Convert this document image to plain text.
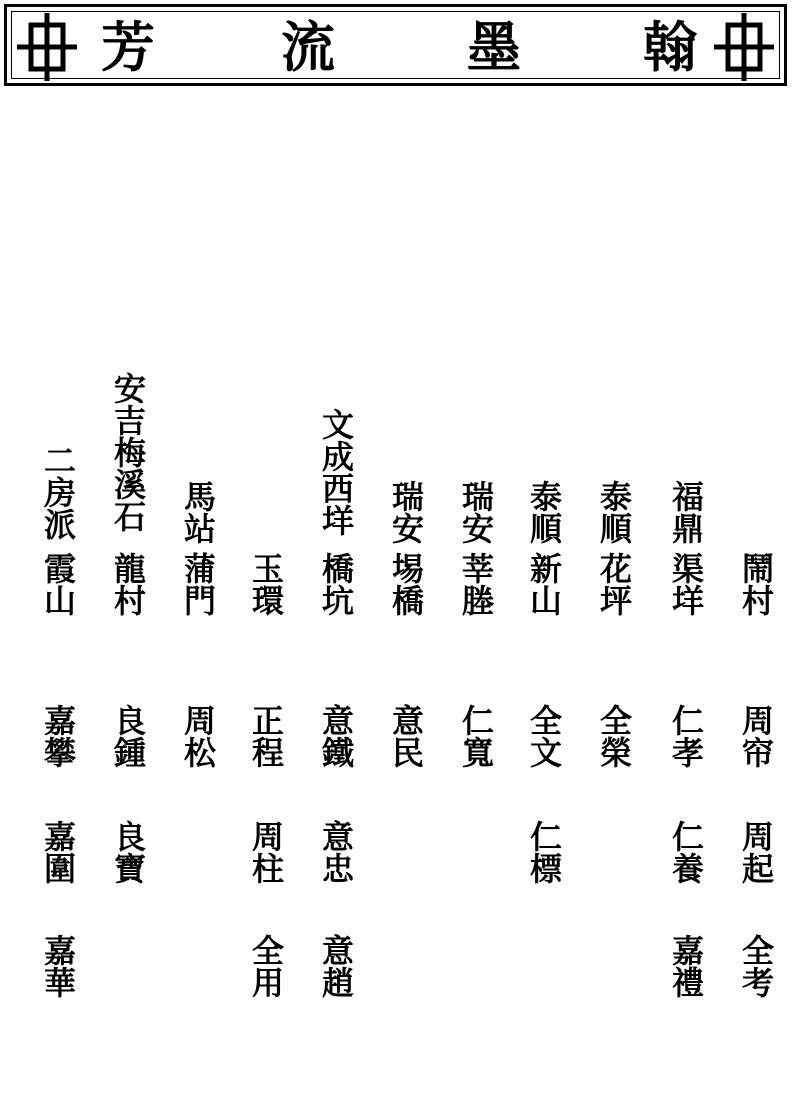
芳 流 墨 翰
二房派
霞山
嘉攀
嘉圍
嘉華
安吉梅溪石
龍村
良鍾
良寶
馬站
蒲門
周松
玉環
正程
周柱
全用
文成西垟
橋坑
意鐵
意忠
意趙
瑞安
埸橋
意民
瑞安
莘塍
仁寬
泰順
新山
全文
仁標
泰順
花坪
全榮
福鼎
渠垟
仁孝
仁養
嘉禮
鬧村
周帘
周起
全考
